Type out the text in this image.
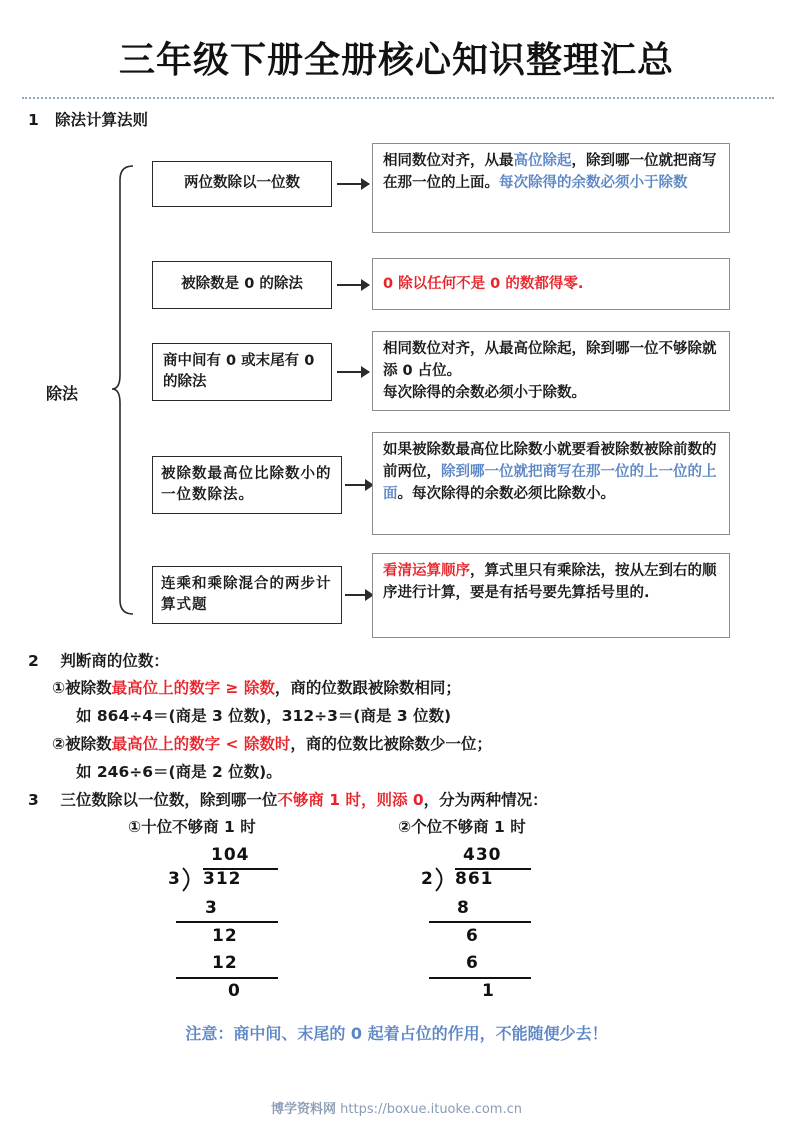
三年级下册全册核心知识整理汇总
1 除法计算法则
除法
两位数除以一位数
相同数位对齐，从最高位除起，除到哪一位就把商写在那一位的上面。每次除得的余数必须小于除数
被除数是 0 的除法	0 除以任何不是 0 的数都得零.
商中间有 0 或末尾有 0 的除法
相同数位对齐，从最高位除起，除到哪一位不够除就添 0 占位。
每次除得的余数必须小于除数。
被除数最高位比除数小的一位数除法。
如果被除数最高位比除数小就要看被除数被除前数的前两位，除到哪一位就把商写在那一位的上一位的上面。每次除得的余数必须比除数小。
连乘和乘除混合的两步计算式题
看清运算顺序，算式里只有乘除法，按从左到右的顺序进行计算，要是有括号要先算括号里的.
2 判断商的位数：
①被除数最高位上的数字 ≥ 除数，商的位数跟被除数相同；
如 864÷4＝(商是 3 位数)，312÷3＝(商是 3 位数)
②被除数最高位上的数字 < 除数时，商的位数比被除数少一位；
如 246÷6＝(商是 2 位数)。
3 三位数除以一位数，除到哪一位不够商 1 时，则添 0，分为两种情况：
①十位不够商 1 时	②个位不够商 1 时
104
3 312
3
12
12
0
430
2 861
8
6
6
1
注意：商中间、末尾的 0 起着占位的作用，不能随便少去！
博学资料网 https://boxue.ituoke.com.cn
